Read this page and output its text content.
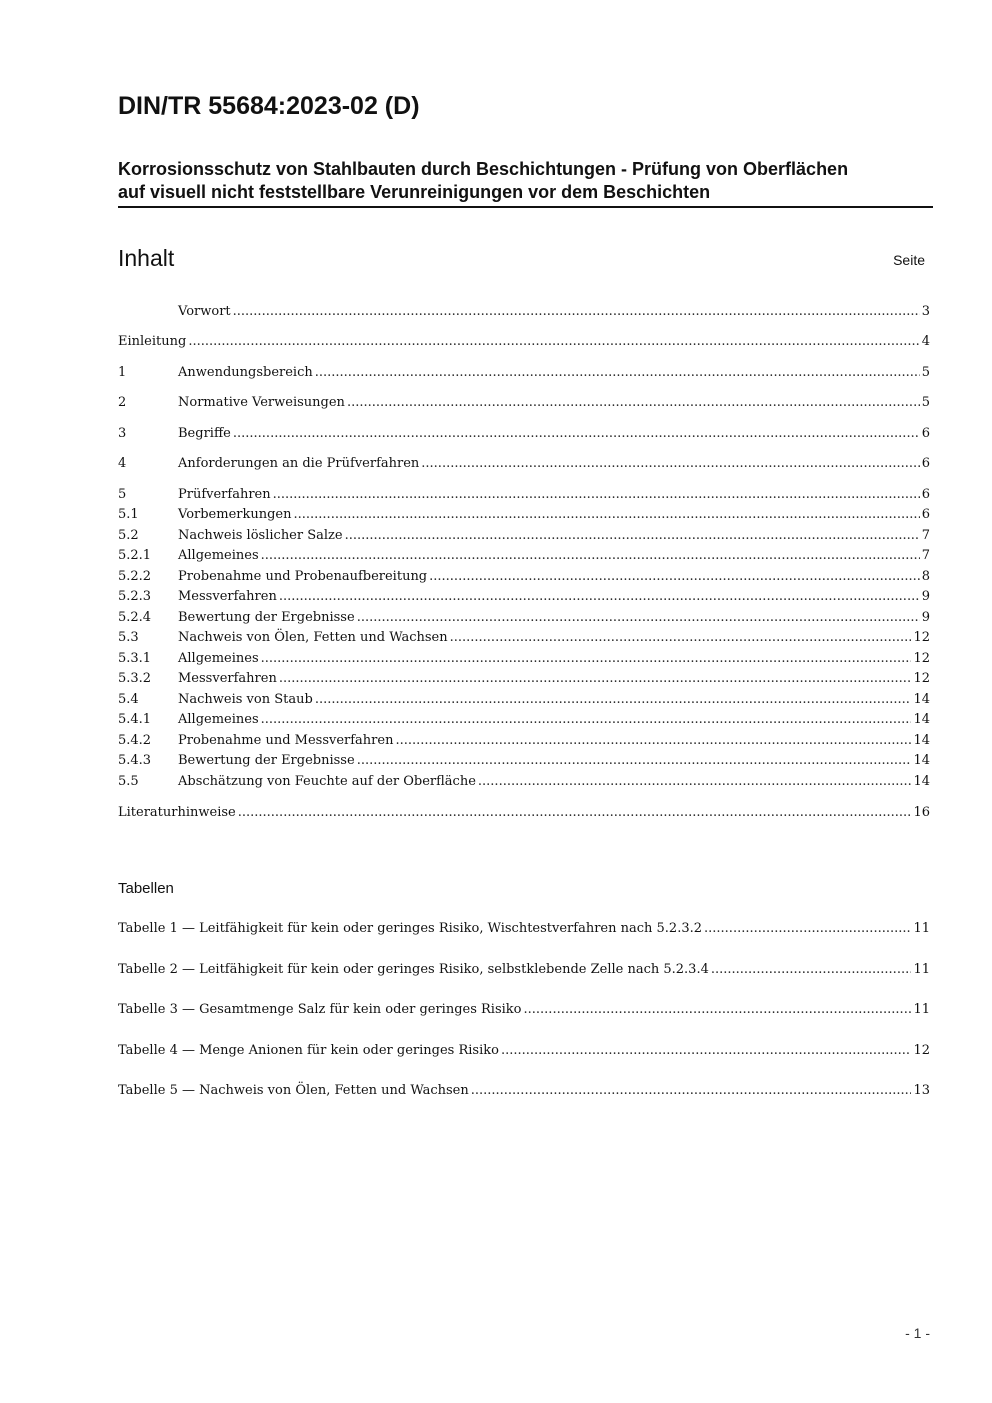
DIN/TR 55684:2023-02 (D)
Korrosionsschutz von Stahlbauten durch Beschichtungen - Prüfung von Oberflächen
auf visuell nicht feststellbare Verunreinigungen vor dem Beschichten
Inhalt	Seite
Vorwort .....	3
Einleitung .....	4
1	Anwendungsbereich .....	5
2	Normative Verweisungen .....	5
3	Begriffe .....	6
4	Anforderungen an die Prüfverfahren .....	6
5	Prüfverfahren .....	6
5.1	Vorbemerkungen .....	6
5.2	Nachweis löslicher Salze .....	7
5.2.1	Allgemeines .....	7
5.2.2	Probenahme und Probenaufbereitung .....	8
5.2.3	Messverfahren .....	9
5.2.4	Bewertung der Ergebnisse .....	9
5.3	Nachweis von Ölen, Fetten und Wachsen .....	12
5.3.1	Allgemeines .....	12
5.3.2	Messverfahren .....	12
5.4	Nachweis von Staub .....	14
5.4.1	Allgemeines .....	14
5.4.2	Probenahme und Messverfahren .....	14
5.4.3	Bewertung der Ergebnisse .....	14
5.5	Abschätzung von Feuchte auf der Oberfläche .....	14
Literaturhinweise .....	16
Tabellen
Tabelle 1 — Leitfähigkeit für kein oder geringes Risiko, Wischtestverfahren nach 5.2.3.2 .....	11
Tabelle 2 — Leitfähigkeit für kein oder geringes Risiko, selbstklebende Zelle nach 5.2.3.4 .....	11
Tabelle 3 — Gesamtmenge Salz für kein oder geringes Risiko .....	11
Tabelle 4 — Menge Anionen für kein oder geringes Risiko .....	12
Tabelle 5 — Nachweis von Ölen, Fetten und Wachsen .....	13
- 1 -
